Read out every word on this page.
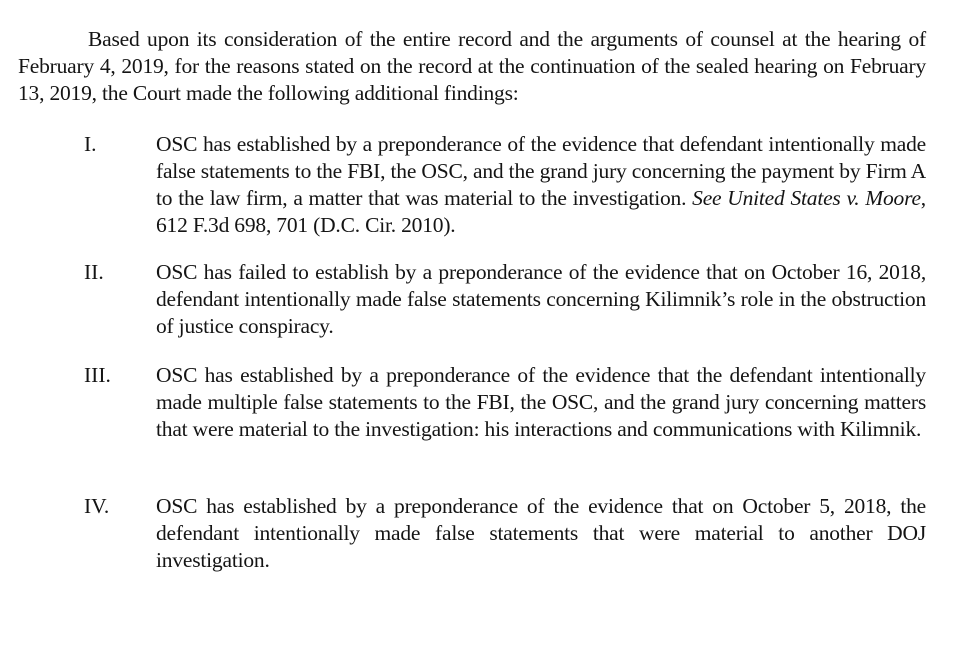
Based upon its consideration of the entire record and the arguments of counsel at the hearing of February 4, 2019, for the reasons stated on the record at the continuation of the sealed hearing on February 13, 2019, the Court made the following additional findings:

I.	OSC has established by a preponderance of the evidence that defendant intentionally made false statements to the FBI, the OSC, and the grand jury concerning the payment by Firm A to the law firm, a matter that was material to the investigation. See United States v. Moore, 612 F.3d 698, 701 (D.C. Cir. 2010).

II. OSC has failed to establish by a preponderance of the evidence that on October 16, 2018, defendant intentionally made false statements concerning Kilimnik’s role in the obstruction of justice conspiracy.

III. OSC has established by a preponderance of the evidence that the defendant intentionally made multiple false statements to the FBI, the OSC, and the grand jury concerning matters that were material to the investigation: his interactions and communications with Kilimnik.

IV. OSC has established by a preponderance of the evidence that on October 5, 2018, the defendant intentionally made false statements that were material to another DOJ investigation.
